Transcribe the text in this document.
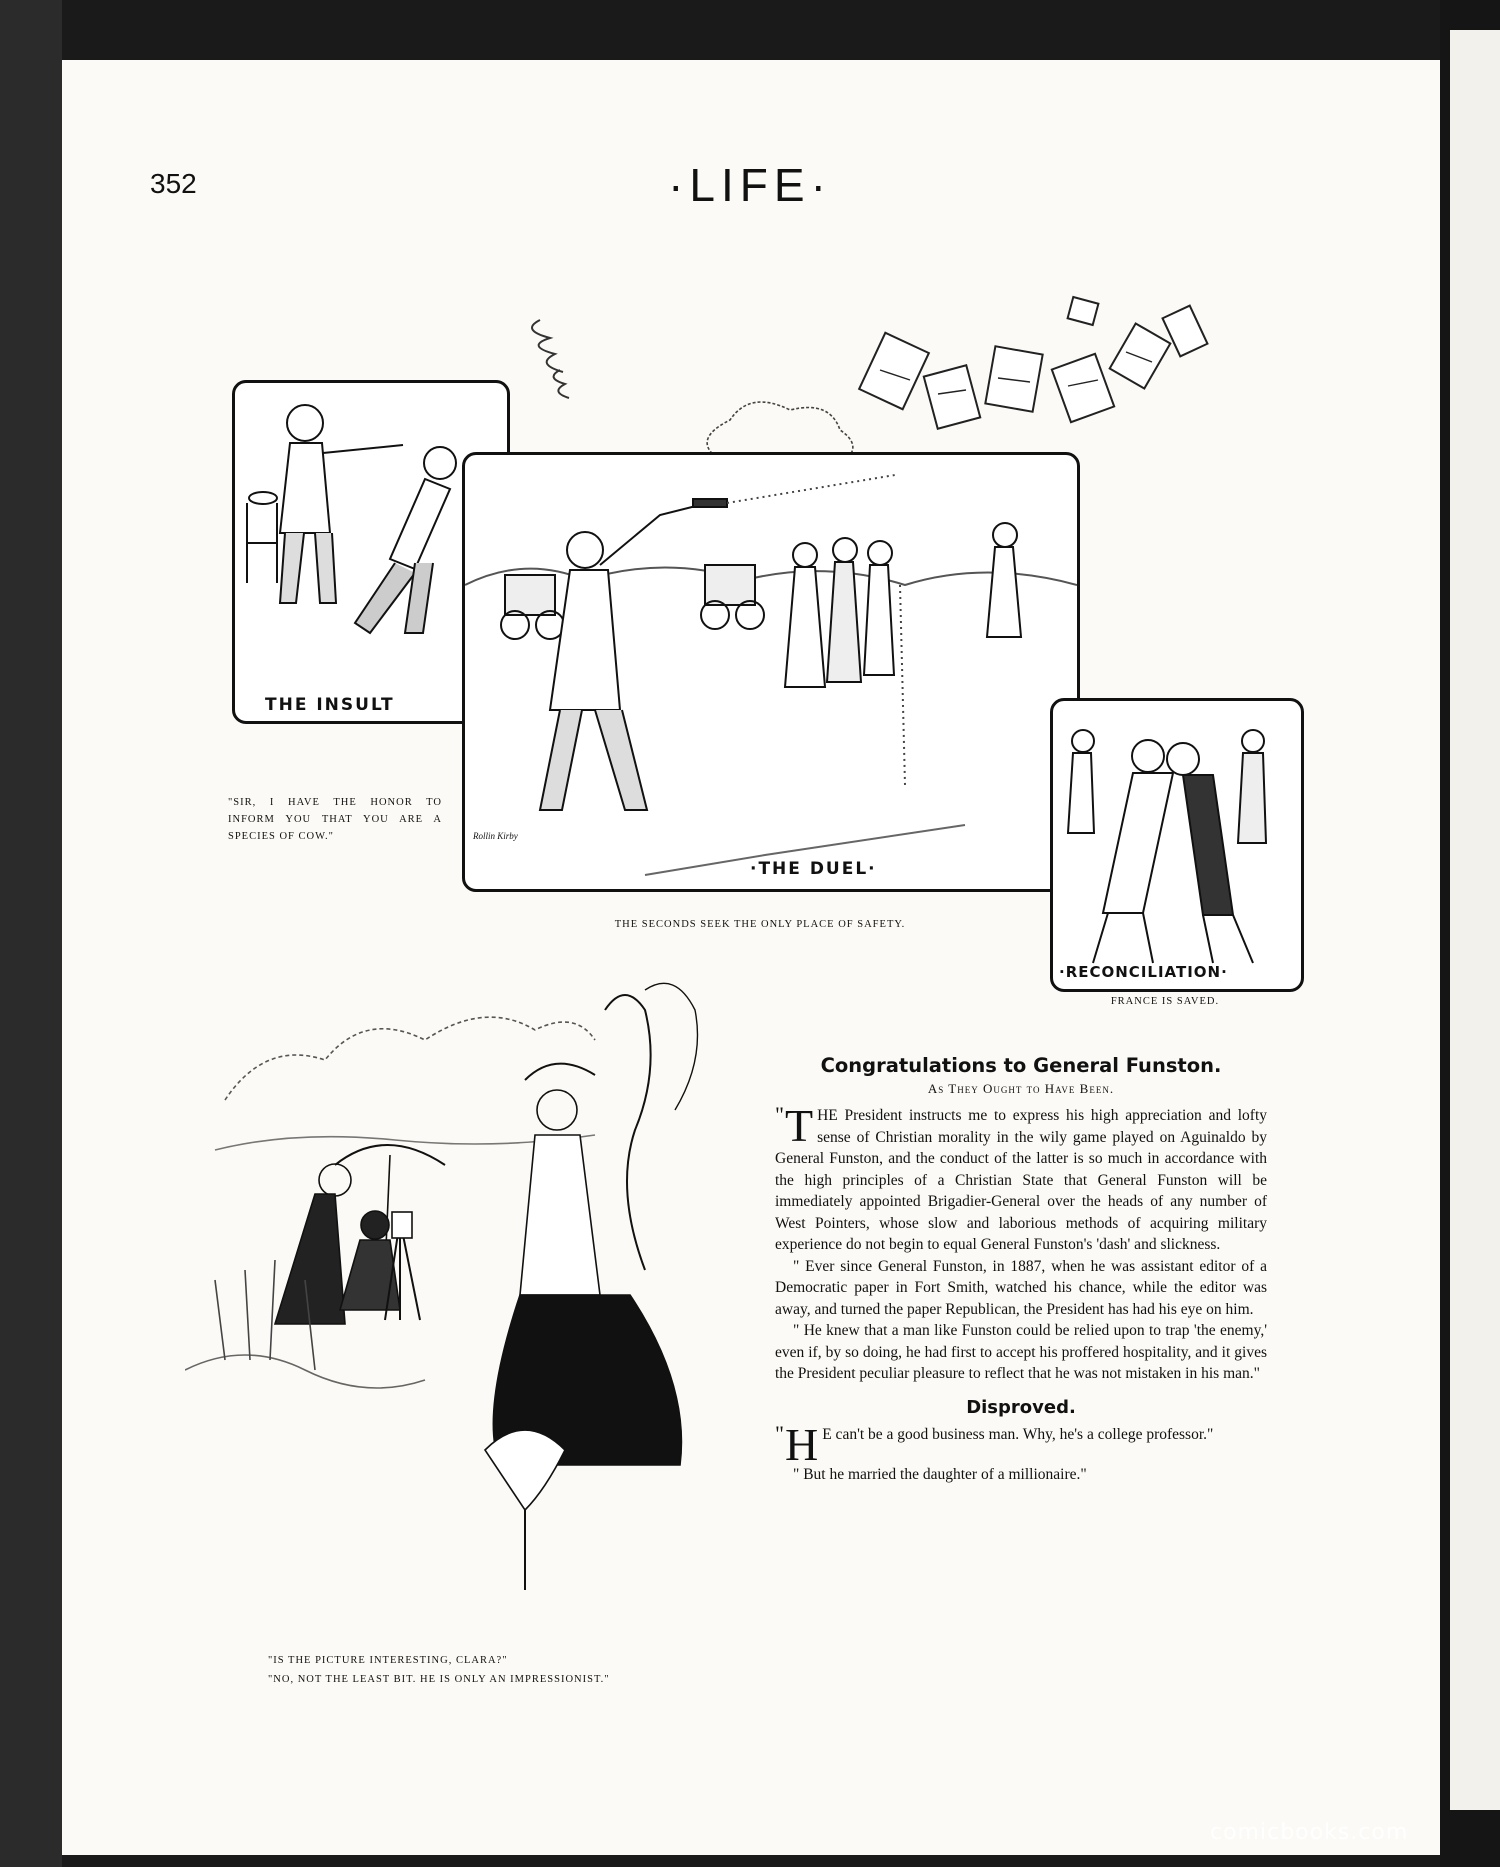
352	·LIFE·
THE INSULT
Rollin Kirby
·THE DUEL·
·RECONCILIATION·
"SIR, I HAVE THE HONOR TO INFORM YOU THAT YOU ARE A SPECIES OF COW."
THE SECONDS SEEK THE ONLY PLACE OF SAFETY.
FRANCE IS SAVED.
"IS THE PICTURE INTERESTING, CLARA?"
"NO, NOT THE LEAST BIT. HE IS ONLY AN IMPRESSIONIST."
Congratulations to General Funston.
As They Ought to Have Been.

" T HE President instructs me to express his high appreciation and lofty sense of Christian morality in the wily game played on Aguinaldo by General Funston, and the conduct of the latter is so much in accordance with the high principles of a Christian State that General Funston will be immediately appointed Brigadier-General over the heads of any number of West Pointers, whose slow and laborious methods of acquiring military experience do not begin to equal General Funston's 'dash' and slickness.

" Ever since General Funston, in 1887, when he was assistant editor of a Democratic paper in Fort Smith, watched his chance, while the editor was away, and turned the paper Republican, the President has had his eye on him.

" He knew that a man like Funston could be relied upon to trap 'the enemy,' even if, by so doing, he had first to accept his proffered hospitality, and it gives the President peculiar pleasure to reflect that he was not mistaken in his man."

Disproved.

" H E can't be a good business man. Why, he's a college professor."

" But he married the daughter of a millionaire."

comicbooks.com
